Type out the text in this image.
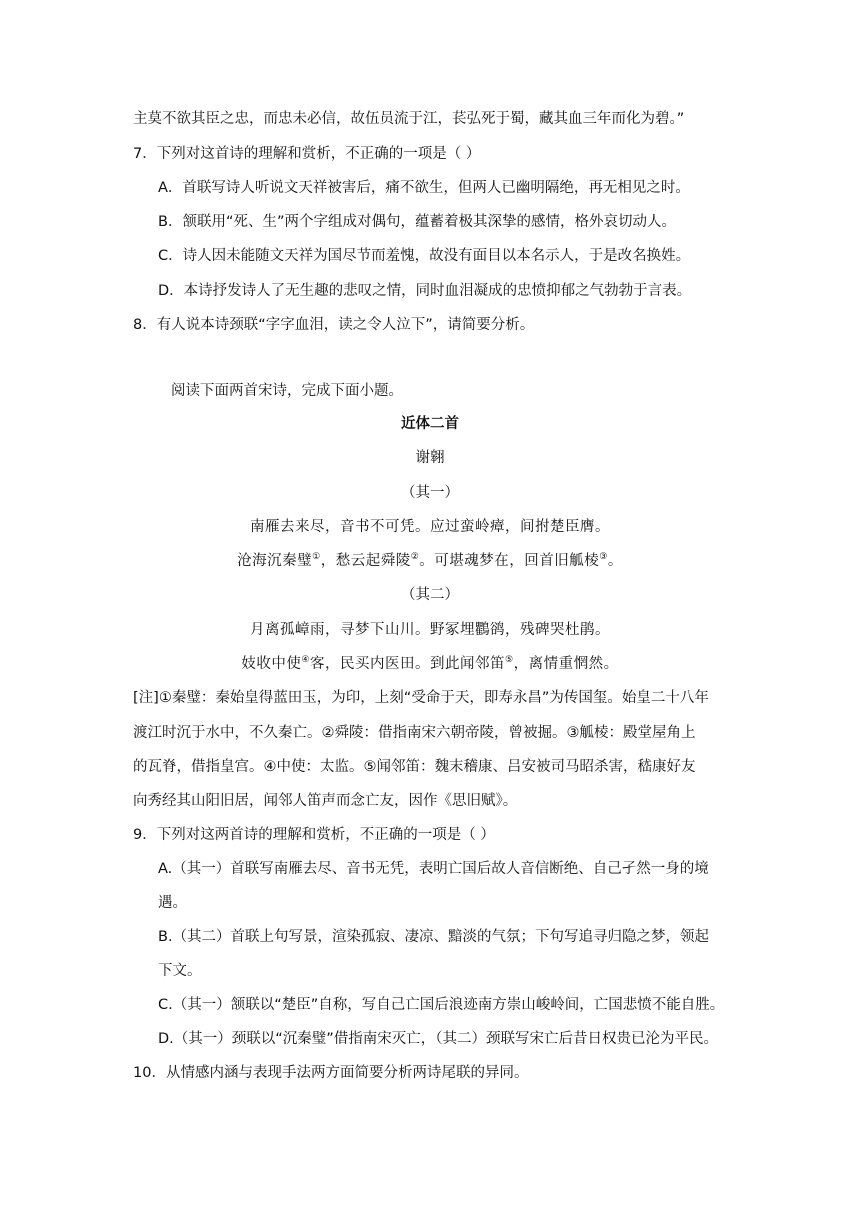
主莫不欲其臣之忠，而忠未必信，故伍员流于江，苌弘死于蜀，藏其血三年而化为碧。”
7．下列对这首诗的理解和赏析，不正确的一项是（ ）
A．首联写诗人听说文天祥被害后，痛不欲生，但两人已幽明隔绝，再无相见之时。
B．颔联用“死、生”两个字组成对偶句，蕴蓄着极其深挚的感情，格外哀切动人。
C．诗人因未能随文天祥为国尽节而羞愧，故没有面目以本名示人，于是改名换姓。
D．本诗抒发诗人了无生趣的悲叹之情，同时血泪凝成的忠愤抑郁之气勃勃于言表。
8．有人说本诗颈联“字字血泪，读之令人泣下”，请简要分析。
阅读下面两首宋诗，完成下面小题。
近体二首
谢翱
（其一）
南雁去来尽，音书不可凭。应过蛮岭瘴，间拊楚臣膺。
沧海沉秦璧①，愁云起舜陵②。可堪魂梦在，回首旧觚棱③。
（其二）
月离孤嶂雨，寻梦下山川。野冢埋鸜鹆，残碑哭杜鹃。
妓收中使④客，民买内医田。到此闻邻笛⑤，离情重惘然。
[注]①秦璧：秦始皇得蓝田玉，为印，上刻“受命于天，即寿永昌”为传国玺。始皇二十八年
渡江时沉于水中，不久秦亡。②舜陵：借指南宋六朝帝陵，曾被掘。③觚棱：殿堂屋角上
的瓦脊，借指皇宫。④中使：太监。⑤闻邻笛：魏末稽康、吕安被司马昭杀害，嵇康好友
向秀经其山阳旧居，闻邻人笛声而念亡友，因作《思旧赋》。
9．下列对这两首诗的理解和赏析，不正确的一项是（ ）
A.（其一）首联写南雁去尽、音书无凭，表明亡国后故人音信断绝、自己孑然一身的境
遇。
B.（其二）首联上句写景，渲染孤寂、凄凉、黯淡的气氛；下句写追寻归隐之梦，领起
下文。
C.（其一）颔联以“楚臣”自称，写自己亡国后浪迹南方崇山峻岭间，亡国悲愤不能自胜。
D.（其一）颈联以“沉秦璧”借指南宋灭亡，（其二）颈联写宋亡后昔日权贵已沦为平民。
10．从情感内涵与表现手法两方面简要分析两诗尾联的异同。
